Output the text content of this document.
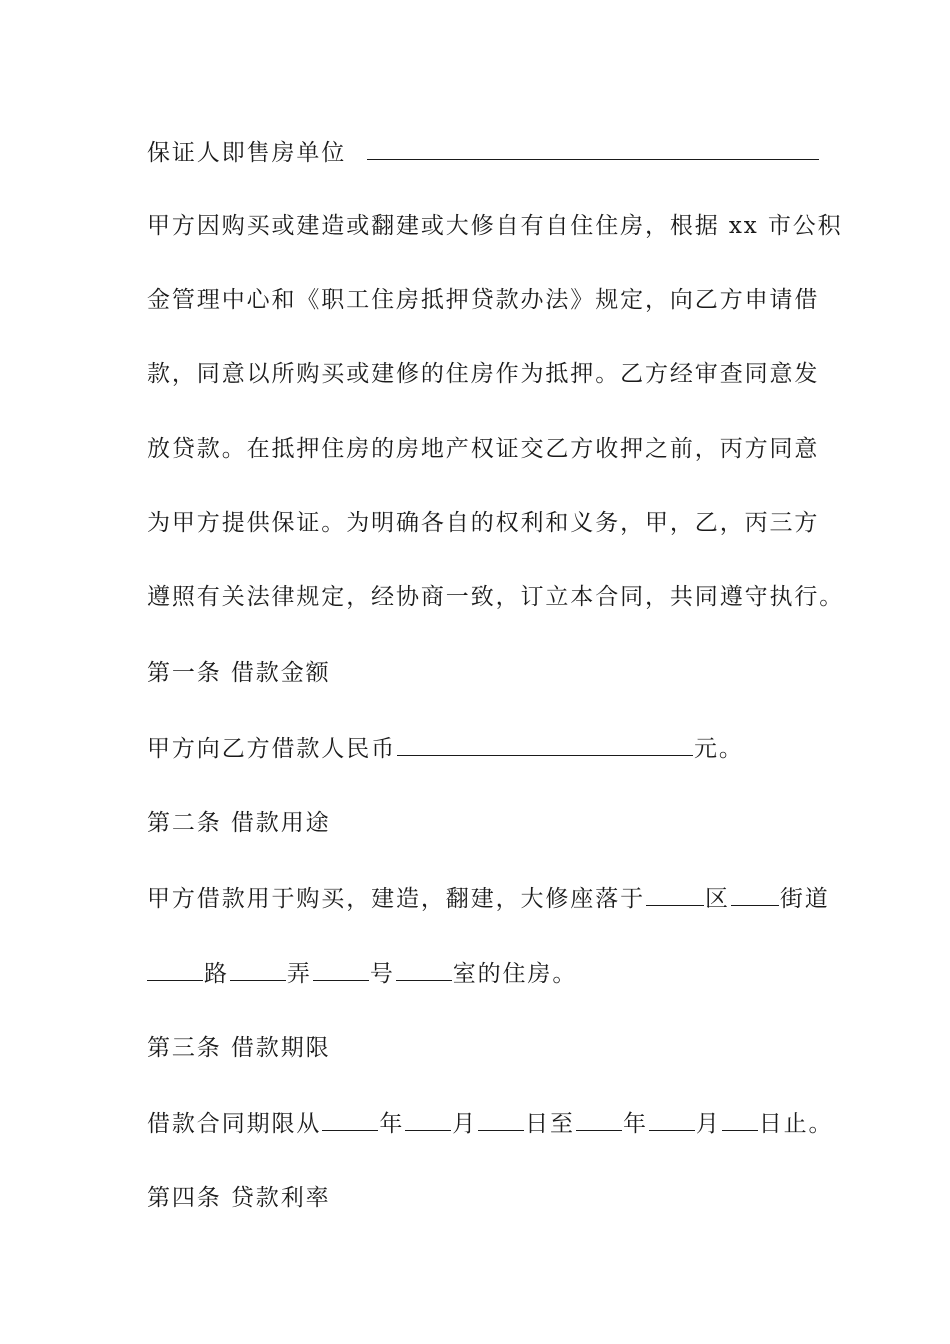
保证人即售房单位
甲方因购买或建造或翻建或大修自有自住住房，根据 xx 市公积
金管理中心和《职工住房抵押贷款办法》规定，向乙方申请借
款，同意以所购买或建修的住房作为抵押。乙方经审查同意发
放贷款。在抵押住房的房地产权证交乙方收押之前，丙方同意
为甲方提供保证。为明确各自的权利和义务，甲，乙，丙三方
遵照有关法律规定，经协商一致，订立本合同，共同遵守执行。
第一条 借款金额
甲方向乙方借款人民币	元。
第二条 借款用途
甲方借款用于购买，建造，翻建，大修座落于	区 街道
路	弄	号	室的住房。
第三条 借款期限
借款合同期限从	年 月 日至 年 月 日止。
第四条 贷款利率
